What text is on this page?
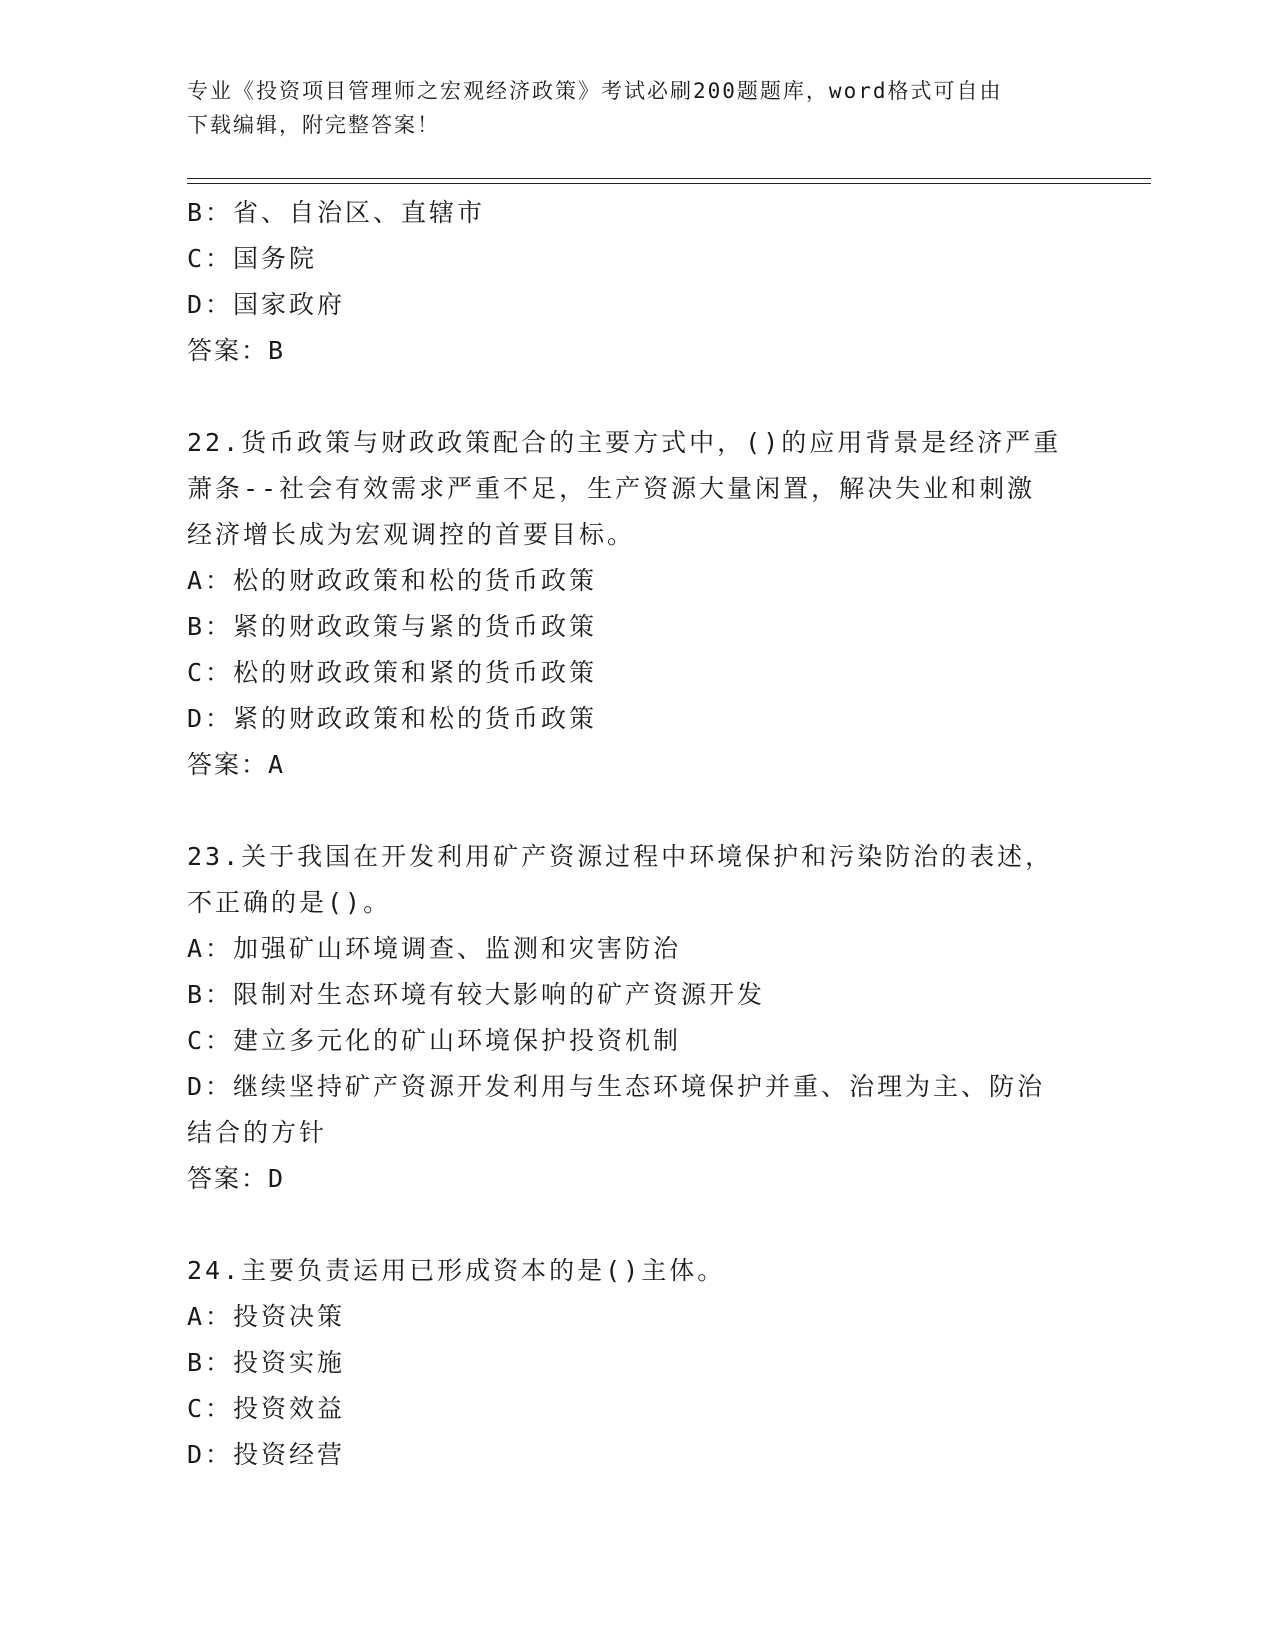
专业《投资项目管理师之宏观经济政策》考试必刷200题题库，word格式可自由
下载编辑，附完整答案！
B：省、自治区、直辖市
C：国务院
D：国家政府
答案：B
22.货币政策与财政政策配合的主要方式中，()的应用背景是经济严重
萧条--社会有效需求严重不足，生产资源大量闲置，解决失业和刺激
经济增长成为宏观调控的首要目标。
A：松的财政政策和松的货币政策
B：紧的财政政策与紧的货币政策
C：松的财政政策和紧的货币政策
D：紧的财政政策和松的货币政策
答案：A
23.关于我国在开发利用矿产资源过程中环境保护和污染防治的表述，
不正确的是()。
A：加强矿山环境调查、监测和灾害防治
B：限制对生态环境有较大影响的矿产资源开发
C：建立多元化的矿山环境保护投资机制
D：继续坚持矿产资源开发利用与生态环境保护并重、治理为主、防治
结合的方针
答案：D
24.主要负责运用已形成资本的是()主体。
A：投资决策
B：投资实施
C：投资效益
D：投资经营
